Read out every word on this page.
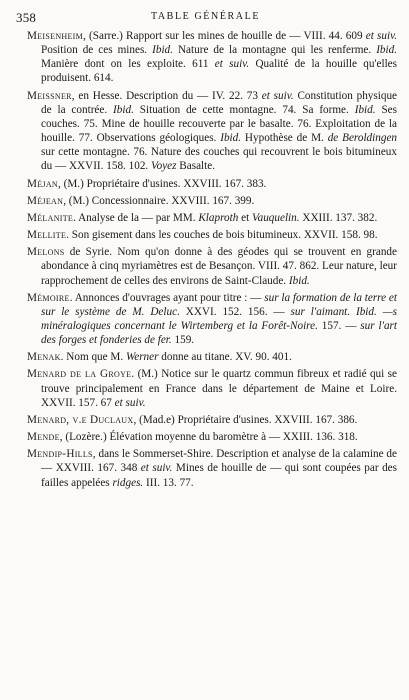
358	TABLE GÉNÉRALE

Meisenheim, (Sarre.) Rapport sur les mines de houille de — VIII. 44. 609 et suiv. Position de ces mines. Ibid. Nature de la montagne qui les renferme. Ibid. Manière dont on les exploite. 611 et suiv. Qualité de la houille qu'elles produisent. 614.

Meissner, en Hesse. Description du — IV. 22. 73 et suiv. Constitution physique de la contrée. Ibid. Situation de cette montagne. 74. Sa forme. Ibid. Ses couches. 75. Mine de houille recouverte par le basalte. 76. Exploitation de la houille. 77. Observations géologiques. Ibid. Hypothèse de M. de Beroldingen sur cette montagne. 76. Nature des couches qui recouvrent le bois bitumineux du — XXVII. 158. 102. Voyez Basalte.

Méjan, (M.) Propriétaire d'usines. XXVIII. 167. 383.

Méjean, (M.) Concessionnaire. XXVIII. 167. 399.

Mélanite. Analyse de la — par MM. Klaproth et Vauquelin. XXIII. 137. 382.

Mellite. Son gisement dans les couches de bois bitumineux. XXVII. 158. 98.

Melons de Syrie. Nom qu'on donne à des géodes qui se trouvent en grande abondance à cinq myriamètres est de Besançon. VIII. 47. 862. Leur nature, leur rapprochement de celles des environs de Saint-Claude. Ibid.

Mémoire. Annonces d'ouvrages ayant pour titre : — sur la formation de la terre et sur le système de M. Deluc. XXVI. 152. 156. — sur l'aimant. Ibid. —s minéralogiques concernant le Wirtemberg et la Forêt-Noire. 157. — sur l'art des forges et fonderies de fer. 159.

Menak. Nom que M. Werner donne au titane. XV. 90. 401.

Menard de la Groye. (M.) Notice sur le quartz commun fibreux et radié qui se trouve principalement en France dans le département de Maine et Loire. XXVII. 157. 67 et suiv.

Menard, v.e Duclaux, (Mad.e) Propriétaire d'usines. XXVIII. 167. 386.

Mende, (Lozère.) Élévation moyenne du baromètre à — XXIII. 136. 318.

Mendip-Hills, dans le Sommerset-Shire. Description et analyse de la calamine de — XXVIII. 167. 348 et suiv. Mines de houille de — qui sont coupées par des failles appelées ridges. III. 13. 77.
